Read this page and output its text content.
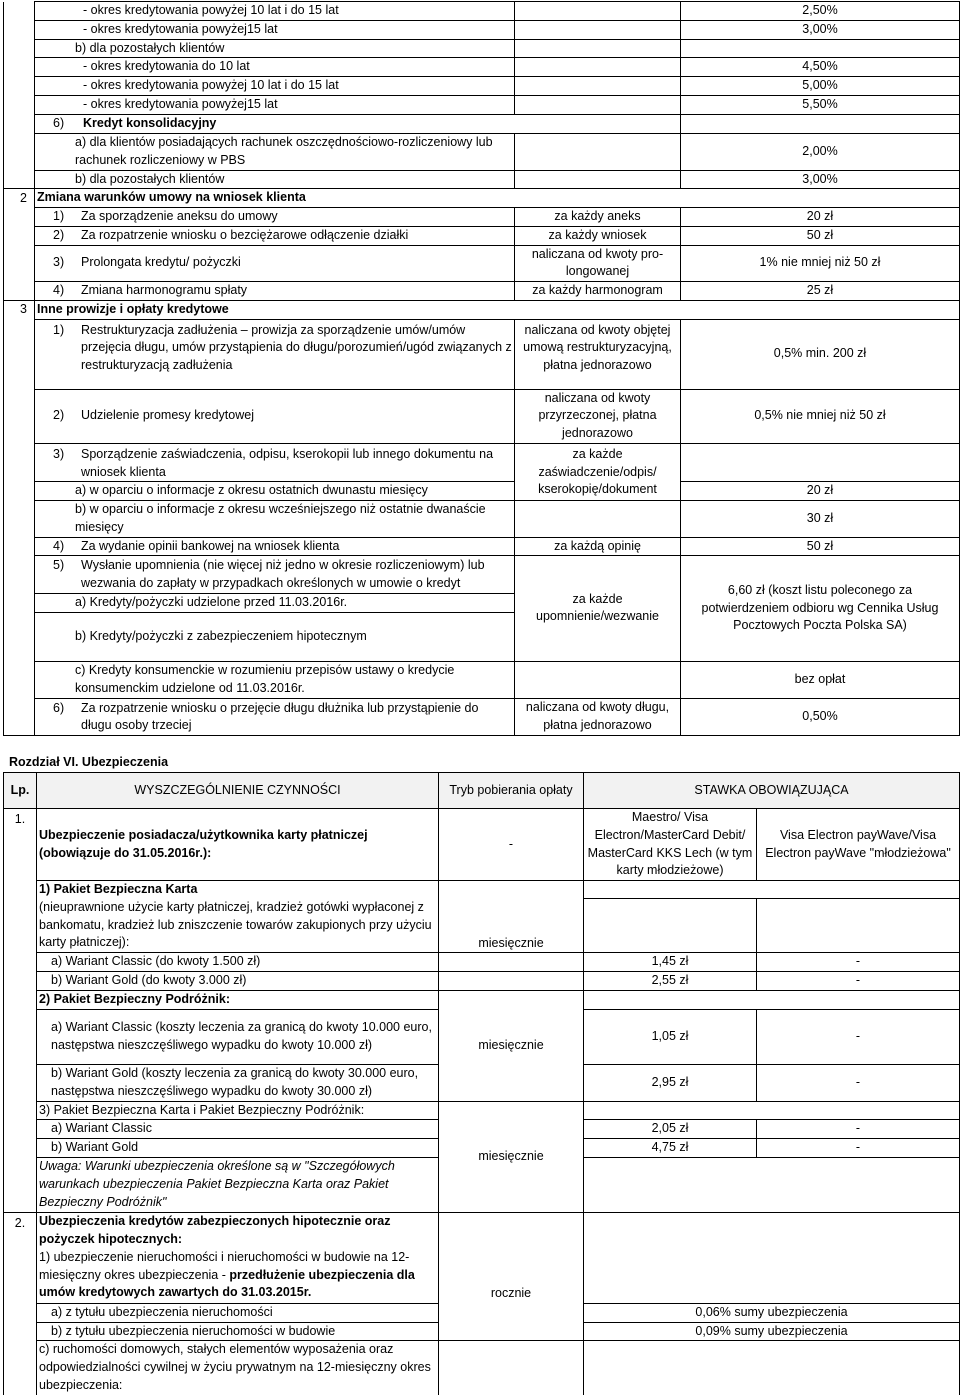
	- okres kredytowania powyżej 10 lat i do 15 lat		2,50%
	- okres kredytowania powyżej15 lat		3,00%
	b) dla pozostałych klientów		
	- okres kredytowania do 10 lat		4,50%
	- okres kredytowania powyżej 10 lat i do 15 lat		5,00%
	- okres kredytowania powyżej15 lat		5,50%

	6) Kredyt konsolidacyjny		

	a) dla klientów posiadających rachunek oszczędnościowo-rozliczeniowy lub rachunek rozliczeniowy w PBS		2,00%
	b) dla pozostałych klientów		3,00%
2	Zmiana warunków umowy na wniosek klienta		

	1) Za sporządzenie aneksu do umowy	za każdy aneks	20 zł

	2) Za rozpatrzenie wniosku o bezciężarowe odłączenie działki	za każdy wniosek	50 zł

	3) Prolongata kredytu/ pożyczki	naliczana od kwoty pro-longowanej	1% nie mniej niż 50 zł

	4) Zmiana harmonogramu spłaty	za każdy harmonogram	25 zł
3	Inne prowizje i opłaty kredytowe		

	1) Restrukturyzacja zadłużenia – prowizja za sporządzenie umów/umów przejęcia długu, umów przystąpienia do długu/porozumień/ugód związanych z restrukturyzacją zadłużenia	naliczana od kwoty objętej umową restrukturyzacyjną, płatna jednorazowo	0,5% min. 200 zł

	2) Udzielenie promesy kredytowej	naliczana od kwoty przyrzeczonej, płatna jednorazowo	0,5% nie mniej niż 50 zł

	3) Sporządzenie zaświadczenia, odpisu, kserokopii lub innego dokumentu na wniosek klienta	za każde zaświadczenie/odpis/ kserokopię/dokument	
	a) w oparciu o informacje z okresu ostatnich dwunastu miesięcy		20 zł
	b) w oparciu o informacje z okresu wcześniejszego niż ostatnie dwanaście miesięcy		30 zł

	4) Za wydanie opinii bankowej na wniosek klienta	za każdą opinię	50 zł

	5) Wysłanie upomnienia (nie więcej niż jedno w okresie rozliczeniowym) lub wezwania do zapłaty w przypadkach określonych w umowie o kredyt	za każde upomnienie/wezwanie	6,60 zł (koszt listu poleconego za potwierdzeniem odbioru wg Cennika Usług Pocztowych Poczta Polska SA)
	a) Kredyty/pożyczki udzielone przed 11.03.2016r.		
	b) Kredyty/pożyczki z zabezpieczeniem hipotecznym		
	c) Kredyty konsumenckie w rozumieniu przepisów ustawy o kredycie konsumenckim udzielone od 11.03.2016r.		bez opłat

	6) Za rozpatrzenie wniosku o przejęcie długu dłużnika lub przystąpienie do długu osoby trzeciej	naliczana od kwoty długu, płatna jednorazowo	0,50%
Rozdział VI. Ubezpieczenia
Lp.	WYSZCZEGÓLNIENIE CZYNNOŚCI	Tryb pobierania opłaty	STAWKA OBOWIĄZUJĄCA	
1.	Ubezpieczenie posiadacza/użytkownika karty płatniczej (obowiązuje do 31.05.2016r.):	-	Maestro/ Visa Electron/MasterCard Debit/ MasterCard KKS Lech (w tym karty młodzieżowe)	Visa Electron payWave/Visa Electron payWave "młodzieżowa"
	1) Pakiet Bezpieczna Karta			
	(nieuprawnione użycie karty płatniczej, kradzież gotówki wypłaconej z bankomatu, kradzież lub zniszczenie towarów zakupionych przy użyciu karty płatniczej):	miesięcznie		
	a) Wariant Classic (do kwoty 1.500 zł)		1,45 zł	-
	b) Wariant Gold (do kwoty 3.000 zł)		2,55 zł	-
	2) Pakiet Bezpieczny Podróżnik:	miesięcznie		
	a) Wariant Classic (koszty leczenia za granicą do kwoty 10.000 euro, następstwa nieszczęśliwego wypadku do kwoty 10.000 zł)		1,05 zł	-
	b) Wariant Gold (koszty leczenia za granicą do kwoty 30.000 euro, następstwa nieszczęśliwego wypadku do kwoty 30.000 zł)		2,95 zł	-
	3) Pakiet Bezpieczna Karta i Pakiet Bezpieczny Podróżnik:	miesięcznie		
	a) Wariant Classic		2,05 zł	-
	b) Wariant Gold		4,75 zł	-
	Uwaga: Warunki ubezpieczenia określone są w "Szczegółowych warunkach ubezpieczenia Pakiet Bezpieczna Karta oraz Pakiet Bezpieczny Podróżnik"			
2.	Ubezpieczenia kredytów zabezpieczonych hipotecznie oraz pożyczek hipotecznych:			
	1) ubezpieczenie nieruchomości i nieruchomości w budowie na 12-miesięczny okres ubezpieczenia - przedłużenie ubezpieczenia dla umów kredytowych zawartych do 31.03.2015r.	rocznie		
	a) z tytułu ubezpieczenia nieruchomości		0,06% sumy ubezpieczenia	
	b) z tytułu ubezpieczenia nieruchomości w budowie		0,09% sumy ubezpieczenia	
	c) ruchomości domowych, stałych elementów wyposażenia oraz odpowiedzialności cywilnej w życiu prywatnym na 12-miesięczny okres ubezpieczenia:			
